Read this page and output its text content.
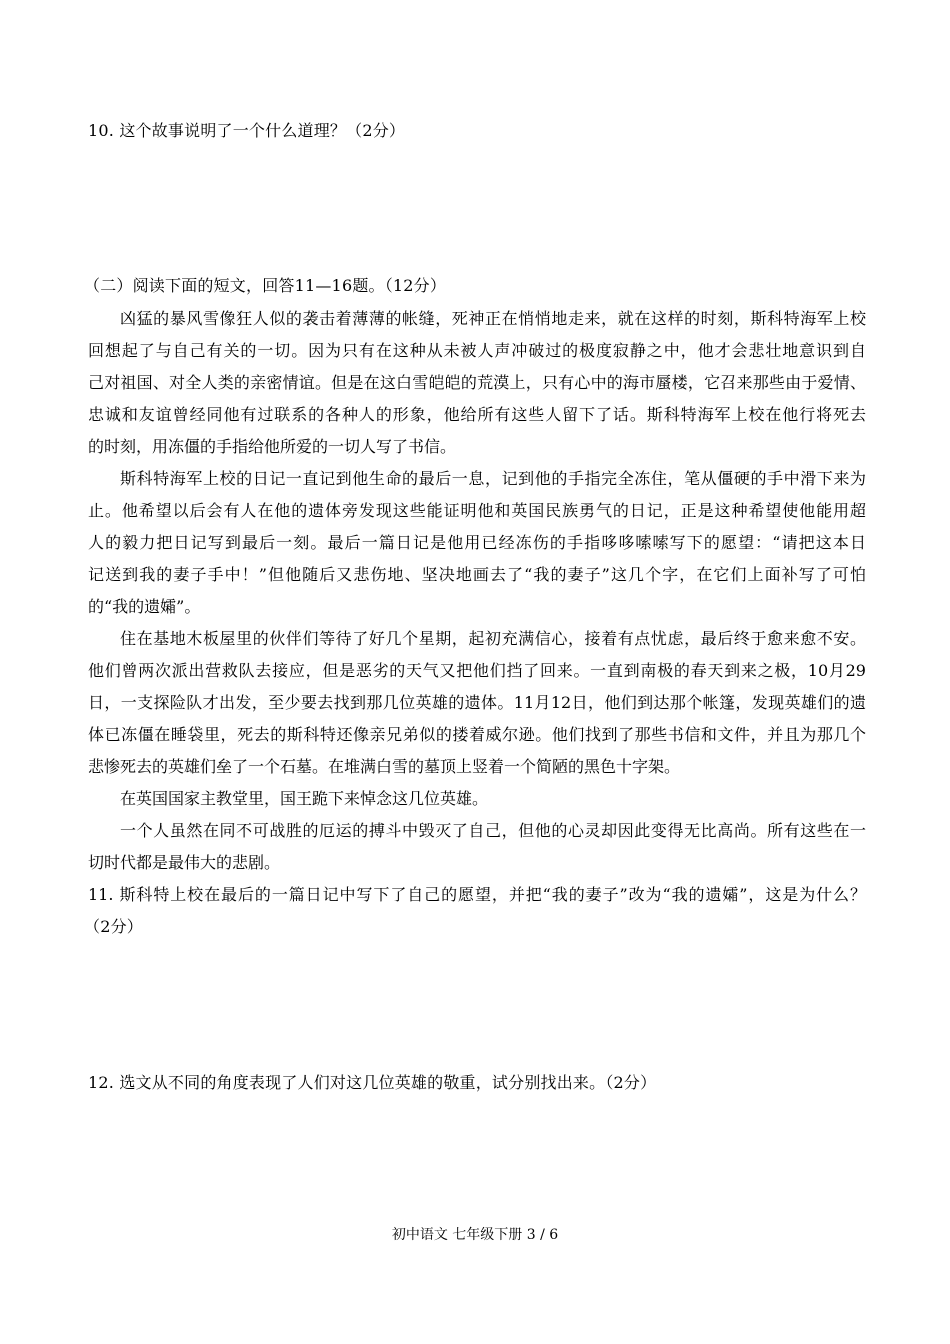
10. 这个故事说明了一个什么道理？（2分）
（二）阅读下面的短文，回答11—16题。（12分）
凶猛的暴风雪像狂人似的袭击着薄薄的帐缝，死神正在悄悄地走来，就在这样的时刻，斯科特海军上校
回想起了与自己有关的一切。因为只有在这种从未被人声冲破过的极度寂静之中，他才会悲壮地意识到自
己对祖国、对全人类的亲密情谊。但是在这白雪皑皑的荒漠上，只有心中的海市蜃楼，它召来那些由于爱情、
忠诚和友谊曾经同他有过联系的各种人的形象，他给所有这些人留下了话。斯科特海军上校在他行将死去
的时刻，用冻僵的手指给他所爱的一切人写了书信。
斯科特海军上校的日记一直记到他生命的最后一息，记到他的手指完全冻住，笔从僵硬的手中滑下来为
止。他希望以后会有人在他的遗体旁发现这些能证明他和英国民族勇气的日记，正是这种希望使他能用超
人的毅力把日记写到最后一刻。最后一篇日记是他用已经冻伤的手指哆哆嗦嗦写下的愿望：“请把这本日
记送到我的妻子手中！”但他随后又悲伤地、坚决地画去了“我的妻子”这几个字，在它们上面补写了可怕
的“我的遗孀”。
住在基地木板屋里的伙伴们等待了好几个星期，起初充满信心，接着有点忧虑，最后终于愈来愈不安。
他们曾两次派出营救队去接应，但是恶劣的天气又把他们挡了回来。一直到南极的春天到来之极，10月29
日，一支探险队才出发，至少要去找到那几位英雄的遗体。11月12日，他们到达那个帐篷，发现英雄们的遗
体已冻僵在睡袋里，死去的斯科特还像亲兄弟似的搂着威尔逊。他们找到了那些书信和文件，并且为那几个
悲惨死去的英雄们垒了一个石墓。在堆满白雪的墓顶上竖着一个简陋的黑色十字架。
在英国国家主教堂里，国王跪下来悼念这几位英雄。
一个人虽然在同不可战胜的厄运的搏斗中毁灭了自己，但他的心灵却因此变得无比高尚。所有这些在一
切时代都是最伟大的悲剧。
11. 斯科特上校在最后的一篇日记中写下了自己的愿望，并把“我的妻子”改为“我的遗孀”，这是为什么？
（2分）
12. 选文从不同的角度表现了人们对这几位英雄的敬重，试分别找出来。（2分）
初中语文 七年级下册 3 / 6
